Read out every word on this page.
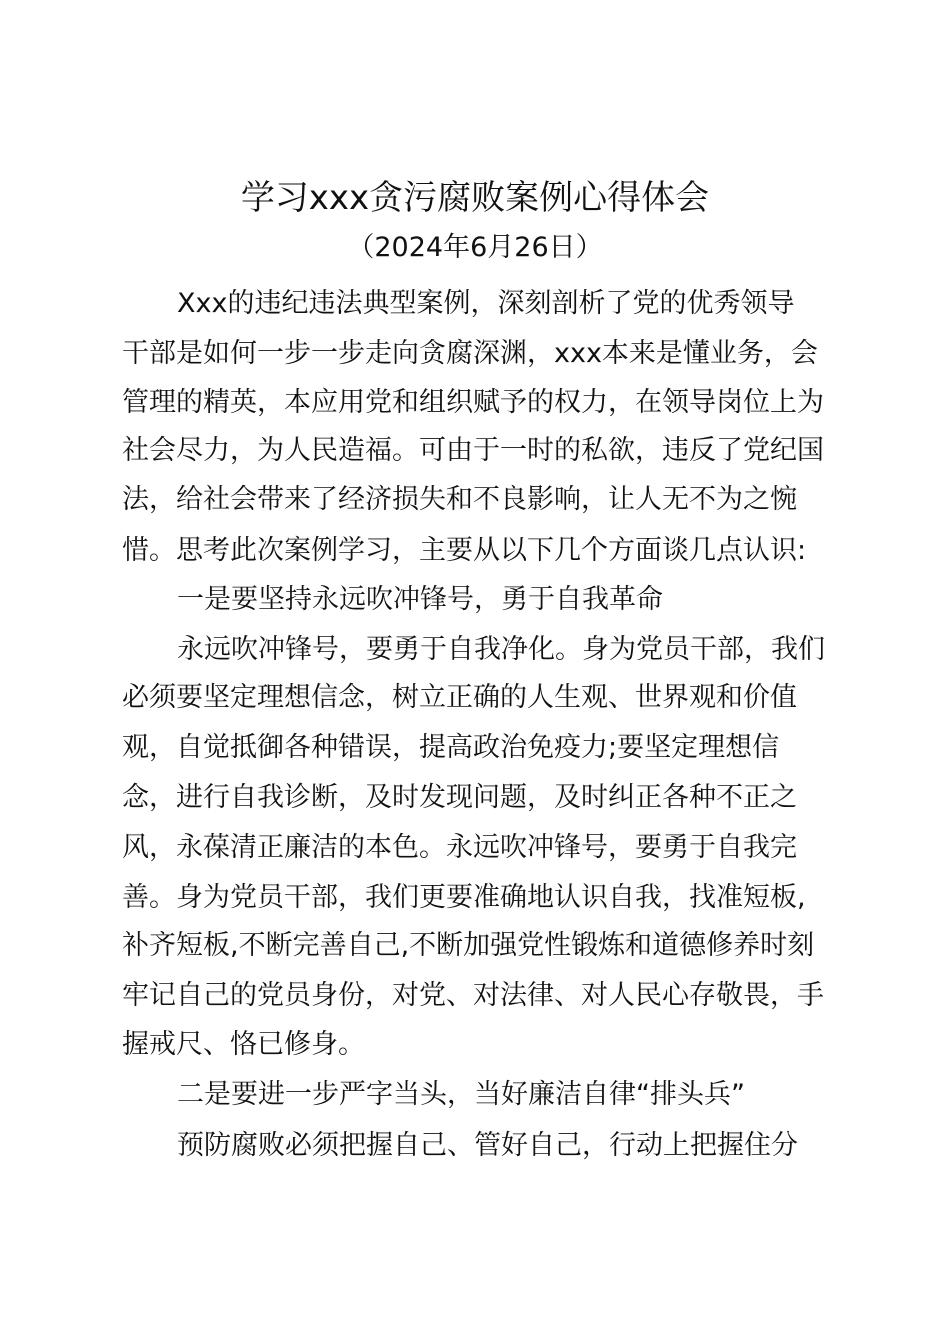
学习xxx贪污腐败案例心得体会
（2024年6月26日）
Xxx的违纪违法典型案例，深刻剖析了党的优秀领导
干部是如何一步一步走向贪腐深渊，xxx本来是懂业务，会
管理的精英，本应用党和组织赋予的权力，在领导岗位上为
社会尽力，为人民造福。可由于一时的私欲，违反了党纪国
法，给社会带来了经济损失和不良影响，让人无不为之惋
惜。思考此次案例学习，主要从以下几个方面谈几点认识:
一是要坚持永远吹冲锋号，勇于自我革命
永远吹冲锋号，要勇于自我净化。身为党员干部，我们
必须要坚定理想信念，树立正确的人生观、世界观和价值
观，自觉抵御各种错误，提高政治免疫力;要坚定理想信
念，进行自我诊断，及时发现问题，及时纠正各种不正之
风，永葆清正廉洁的本色。永远吹冲锋号，要勇于自我完
善。身为党员干部，我们更要准确地认识自我，找准短板,
补齐短板,不断完善自己,不断加强党性锻炼和道德修养时刻
牢记自己的党员身份，对党、对法律、对人民心存敬畏，手
握戒尺、恪已修身。
二是要进一步严字当头，当好廉洁自律“排头兵”
预防腐败必须把握自己、管好自己，行动上把握住分
